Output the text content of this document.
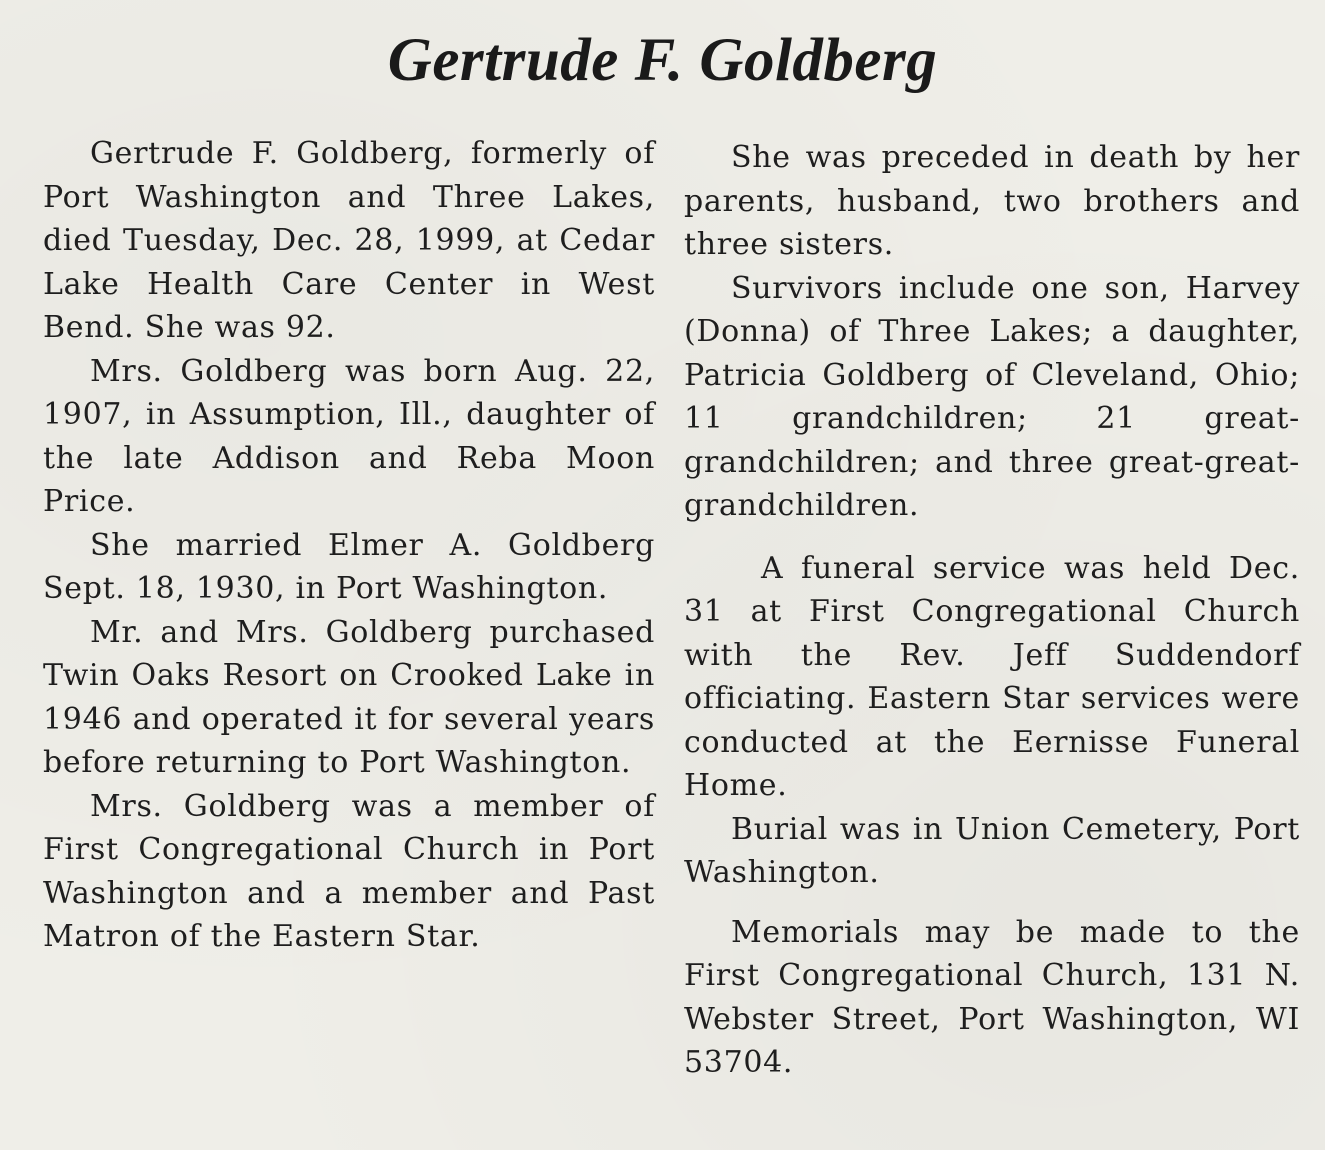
Gertrude F. Goldberg

Gertrude F. Goldberg, formerly of Port Washington and Three Lakes, died Tuesday, Dec. 28, 1999, at Cedar Lake Health Care Center in West Bend. She was 92.

Mrs. Goldberg was born Aug. 22, 1907, in Assumption, Ill., daughter of the late Addison and Reba Moon Price.

She married Elmer A. Goldberg Sept. 18, 1930, in Port Washington.

Mr. and Mrs. Goldberg purchased Twin Oaks Resort on Crooked Lake in 1946 and operated it for several years before returning to Port Washington.

Mrs. Goldberg was a member of First Congregational Church in Port Washington and a member and Past Matron of the Eastern Star.

She was preceded in death by her parents, husband, two brothers and three sisters.

Survivors include one son, Harvey (Donna) of Three Lakes; a daughter, Patricia Goldberg of Cleveland, Ohio; 11 grandchildren; 21 great-grandchildren; and three great-great-grandchildren.

A funeral service was held Dec. 31 at First Congregational Church with the Rev. Jeff Suddendorf officiating. Eastern Star services were conducted at the Eernisse Funeral Home.

Burial was in Union Cemetery, Port Washington.

Memorials may be made to the First Congregational Church, 131 N. Webster Street, Port Washington, WI 53704.
